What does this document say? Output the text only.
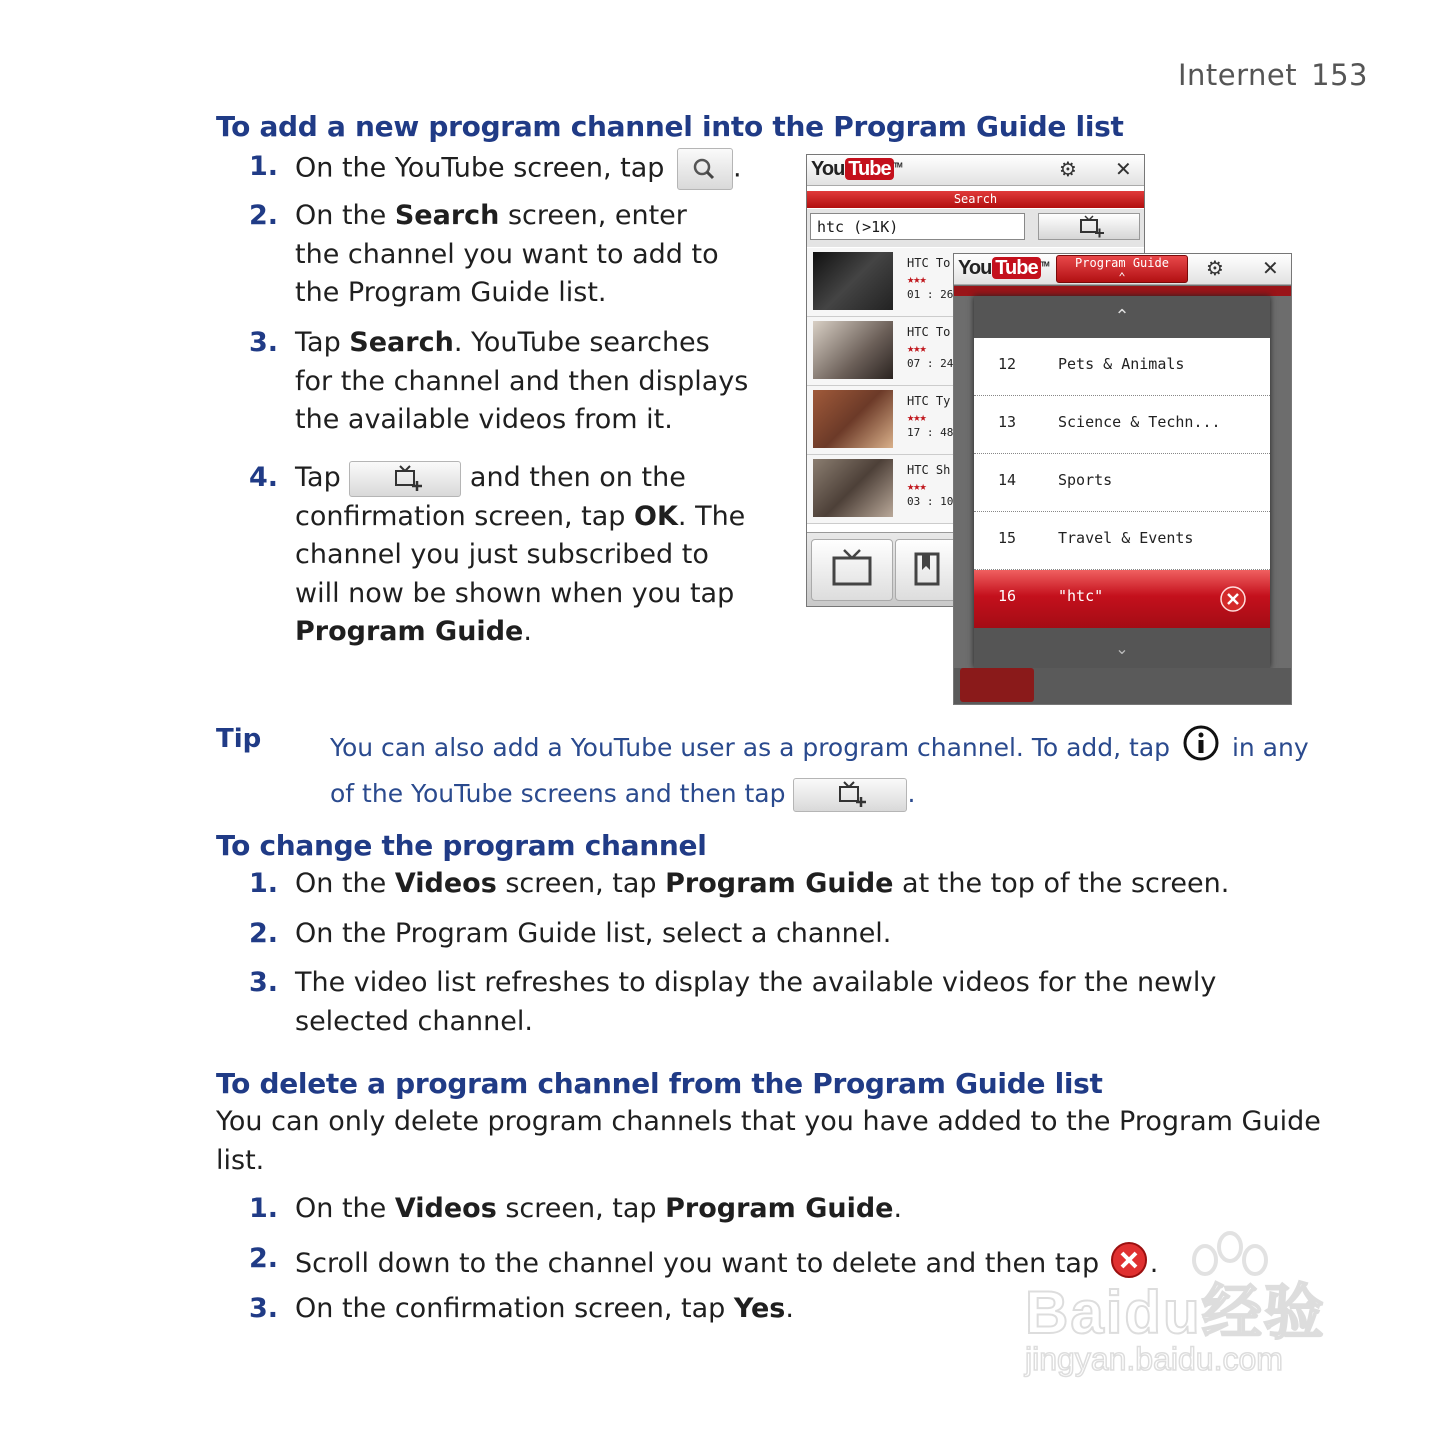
Internet 153
To add a new program channel into the Program Guide list
1. On the YouTube screen, tap	.
2. On the Search screen, enter the channel you want to add to the Program Guide list.
3. Tap Search. YouTube searches for the channel and then displays the available videos from it.
4. Tap	and then on the confirmation screen, tap OK. The channel you just subscribed to will now be shown when you tap Program Guide.
You Tube ™	⚙ ✕
Search
htc (>1K)
HTC To
★★★
01 : 26
HTC To
★★★
07 : 24
HTC Ty
★★★
17 : 48
HTC Sh
★★★
03 : 10
You Tube ™	Program Guide
⌃	⚙ ✕
⌃
12	Pets & Animals
13	Science & Techn...
14	Sports
15	Travel & Events
16	"htc"
⌄
Tip	You can also add a YouTube user as a program channel. To add, tap in any of the YouTube screens and then tap	.
To change the program channel
1. On the Videos screen, tap Program Guide at the top of the screen.
2. On the Program Guide list, select a channel.
3. The video list refreshes to display the available videos for the newly selected channel.
To delete a program channel from the Program Guide list
You can only delete program channels that you have added to the Program Guide list.
1. On the Videos screen, tap Program Guide.
2. Scroll down to the channel you want to delete and then tap .
3. On the confirmation screen, tap Yes.	Baidu经验
jingyan.baidu.com
